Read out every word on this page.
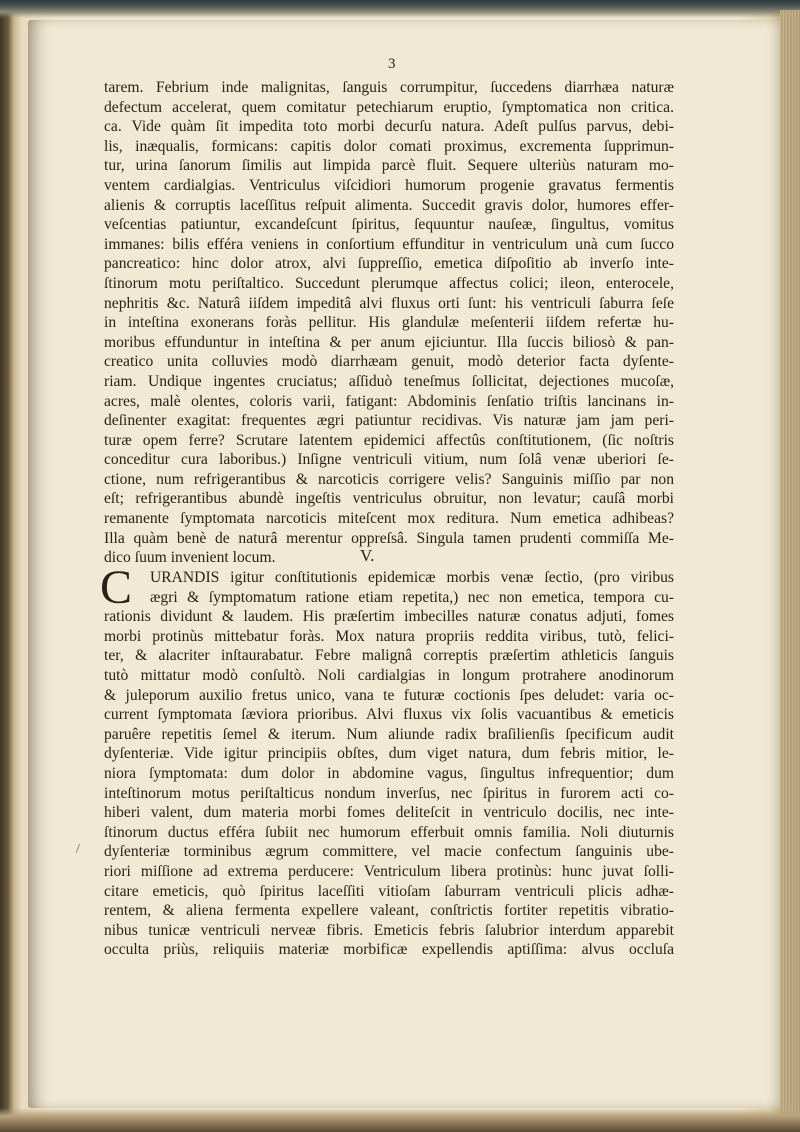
3
tarem. Febrium inde malignitas, ſanguis corrumpitur, ſuccedens diarrhæa naturæ
defectum accelerat, quem comitatur petechiarum eruptio, ſymptomatica non critica.
ca. Vide quàm ſit impedita toto morbi decurſu natura. Adeſt pulſus parvus, debi-
lis, inæqualis, formicans: capitis dolor comati proximus, excrementa ſupprimun-
tur, urina ſanorum ſimilis aut limpida parcè fluit. Sequere ulteriùs naturam mo-
ventem cardialgias. Ventriculus viſcidiori humorum progenie gravatus fermentis
alienis & corruptis laceſſitus reſpuit alimenta. Succedit gravis dolor, humores effer-
veſcentias patiuntur, excandeſcunt ſpiritus, ſequuntur nauſeæ, ſingultus, vomitus
immanes: bilis efféra veniens in conſortium effunditur in ventriculum unà cum ſucco
pancreatico: hinc dolor atrox, alvi ſuppreſſio, emetica diſpoſitio ab inverſo inte-
ſtinorum motu periſtaltico. Succedunt plerumque affectus colici; ileon, enterocele,
nephritis &c. Naturâ iiſdem impeditâ alvi fluxus orti ſunt: his ventriculi ſaburra ſeſe
in inteſtina exonerans foràs pellitur. His glandulæ meſenterii iiſdem refertæ hu-
moribus effunduntur in inteſtina & per anum ejiciuntur. Illa ſuccis biliosò & pan-
creatico unita colluvies modò diarrhæam genuit, modò deterior facta dyſente-
riam. Undique ingentes cruciatus; aſſiduò teneſmus ſollicitat, dejectiones mucoſæ,
acres, malè olentes, coloris varii, fatigant: Abdominis ſenſatio triſtis lancinans in-
deſinenter exagitat: frequentes ægri patiuntur recidivas. Vis naturæ jam jam peri-
turæ opem ferre? Scrutare latentem epidemici affectûs conſtitutionem, (ſic noſtris
conceditur cura laboribus.) Inſigne ventriculi vitium, num ſolâ venæ uberiori ſe-
ctione, num refrigerantibus & narcoticis corrigere velis? Sanguinis miſſio par non
eſt; refrigerantibus abundè ingeſtis ventriculus obruitur, non levatur; cauſâ morbi
remanente ſymptomata narcoticis miteſcent mox reditura. Num emetica adhibeas?
Illa quàm benè de naturâ merentur oppreſsâ. Singula tamen prudenti commiſſa Me-
dico ſuum invenient locum.	V.
C	URANDIS igitur conſtitutionis epidemicæ morbis venæ ſectio, (pro viribus
ægri & ſymptomatum ratione etiam repetita,) nec non emetica, tempora cu-
rationis dividunt & laudem. His præſertim imbecilles naturæ conatus adjuti, fomes
morbi protinùs mittebatur foràs. Mox natura propriis reddita viribus, tutò, felici-
ter, & alacriter inſtaurabatur. Febre malignâ correptis præſertim athleticis ſanguis
tutò mittatur modò conſultò. Noli cardialgias in longum protrahere anodinorum
& juleporum auxilio fretus unico, vana te futuræ coctionis ſpes deludet: varia oc-
current ſymptomata ſæviora prioribus. Alvi fluxus vix ſolis vacuantibus & emeticis
paruêre repetitis ſemel & iterum. Num aliunde radix braſilienſis ſpecificum audit
dyſenteriæ. Vide igitur principiis obſtes, dum viget natura, dum febris mitior, le-
niora ſymptomata: dum dolor in abdomine vagus, ſingultus infrequentior; dum
inteſtinorum motus periſtalticus nondum inverſus, nec ſpiritus in furorem acti co-
hiberi valent, dum materia morbi fomes delitеſcit in ventriculo docilis, nec inte-
ſtinorum ductus efféra ſubiit nec humorum efferbuit omnis familia. Noli diuturnis
dyſenteriæ torminibus ægrum committere, vel macie confectum ſanguinis ube-
riori miſſione ad extrema perducere: Ventriculum libera protinùs: hunc juvat ſolli-
citare emeticis, quò ſpiritus laceſſiti vitioſam ſaburram ventriculi plicis adhæ-
rentem, & aliena fermenta expellere valeant, conſtrictis fortiter repetitis vibratio-
nibus tunicæ ventriculi nerveæ fibris. Emeticis febris ſalubrior interdum apparebit
occulta priùs, reliquiis materiæ morbificæ expellendis aptiſſima: alvus occluſa
/
